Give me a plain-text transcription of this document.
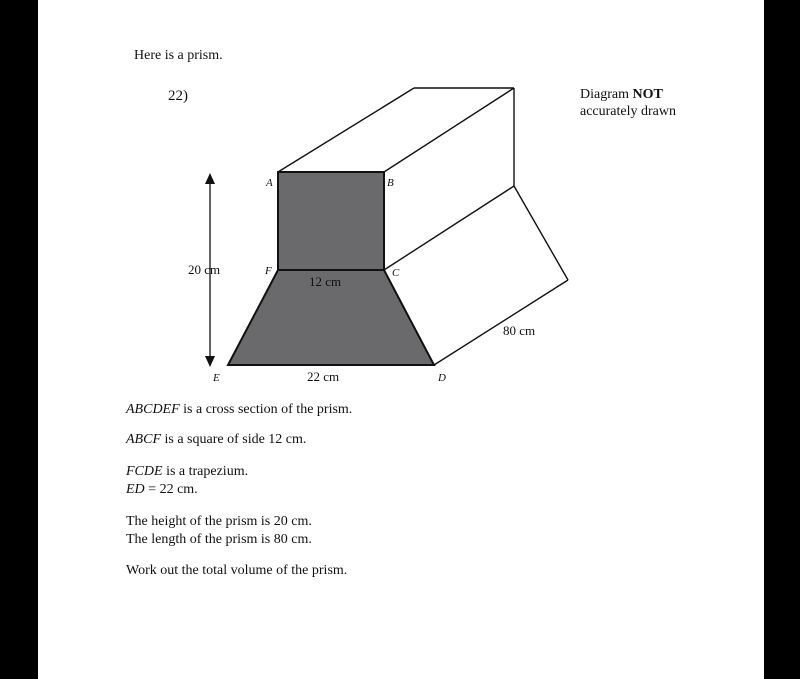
Here is a prism.
22)	Diagram NOT
accurately drawn
A	B
C
D
E
F
20 cm
12 cm
22 cm
80 cm
ABCDEF is a cross section of the prism.
ABCF is a square of side 12 cm.
FCDE is a trapezium.
ED = 22 cm.
The height of the prism is 20 cm.
The length of the prism is 80 cm.
Work out the total volume of the prism.
